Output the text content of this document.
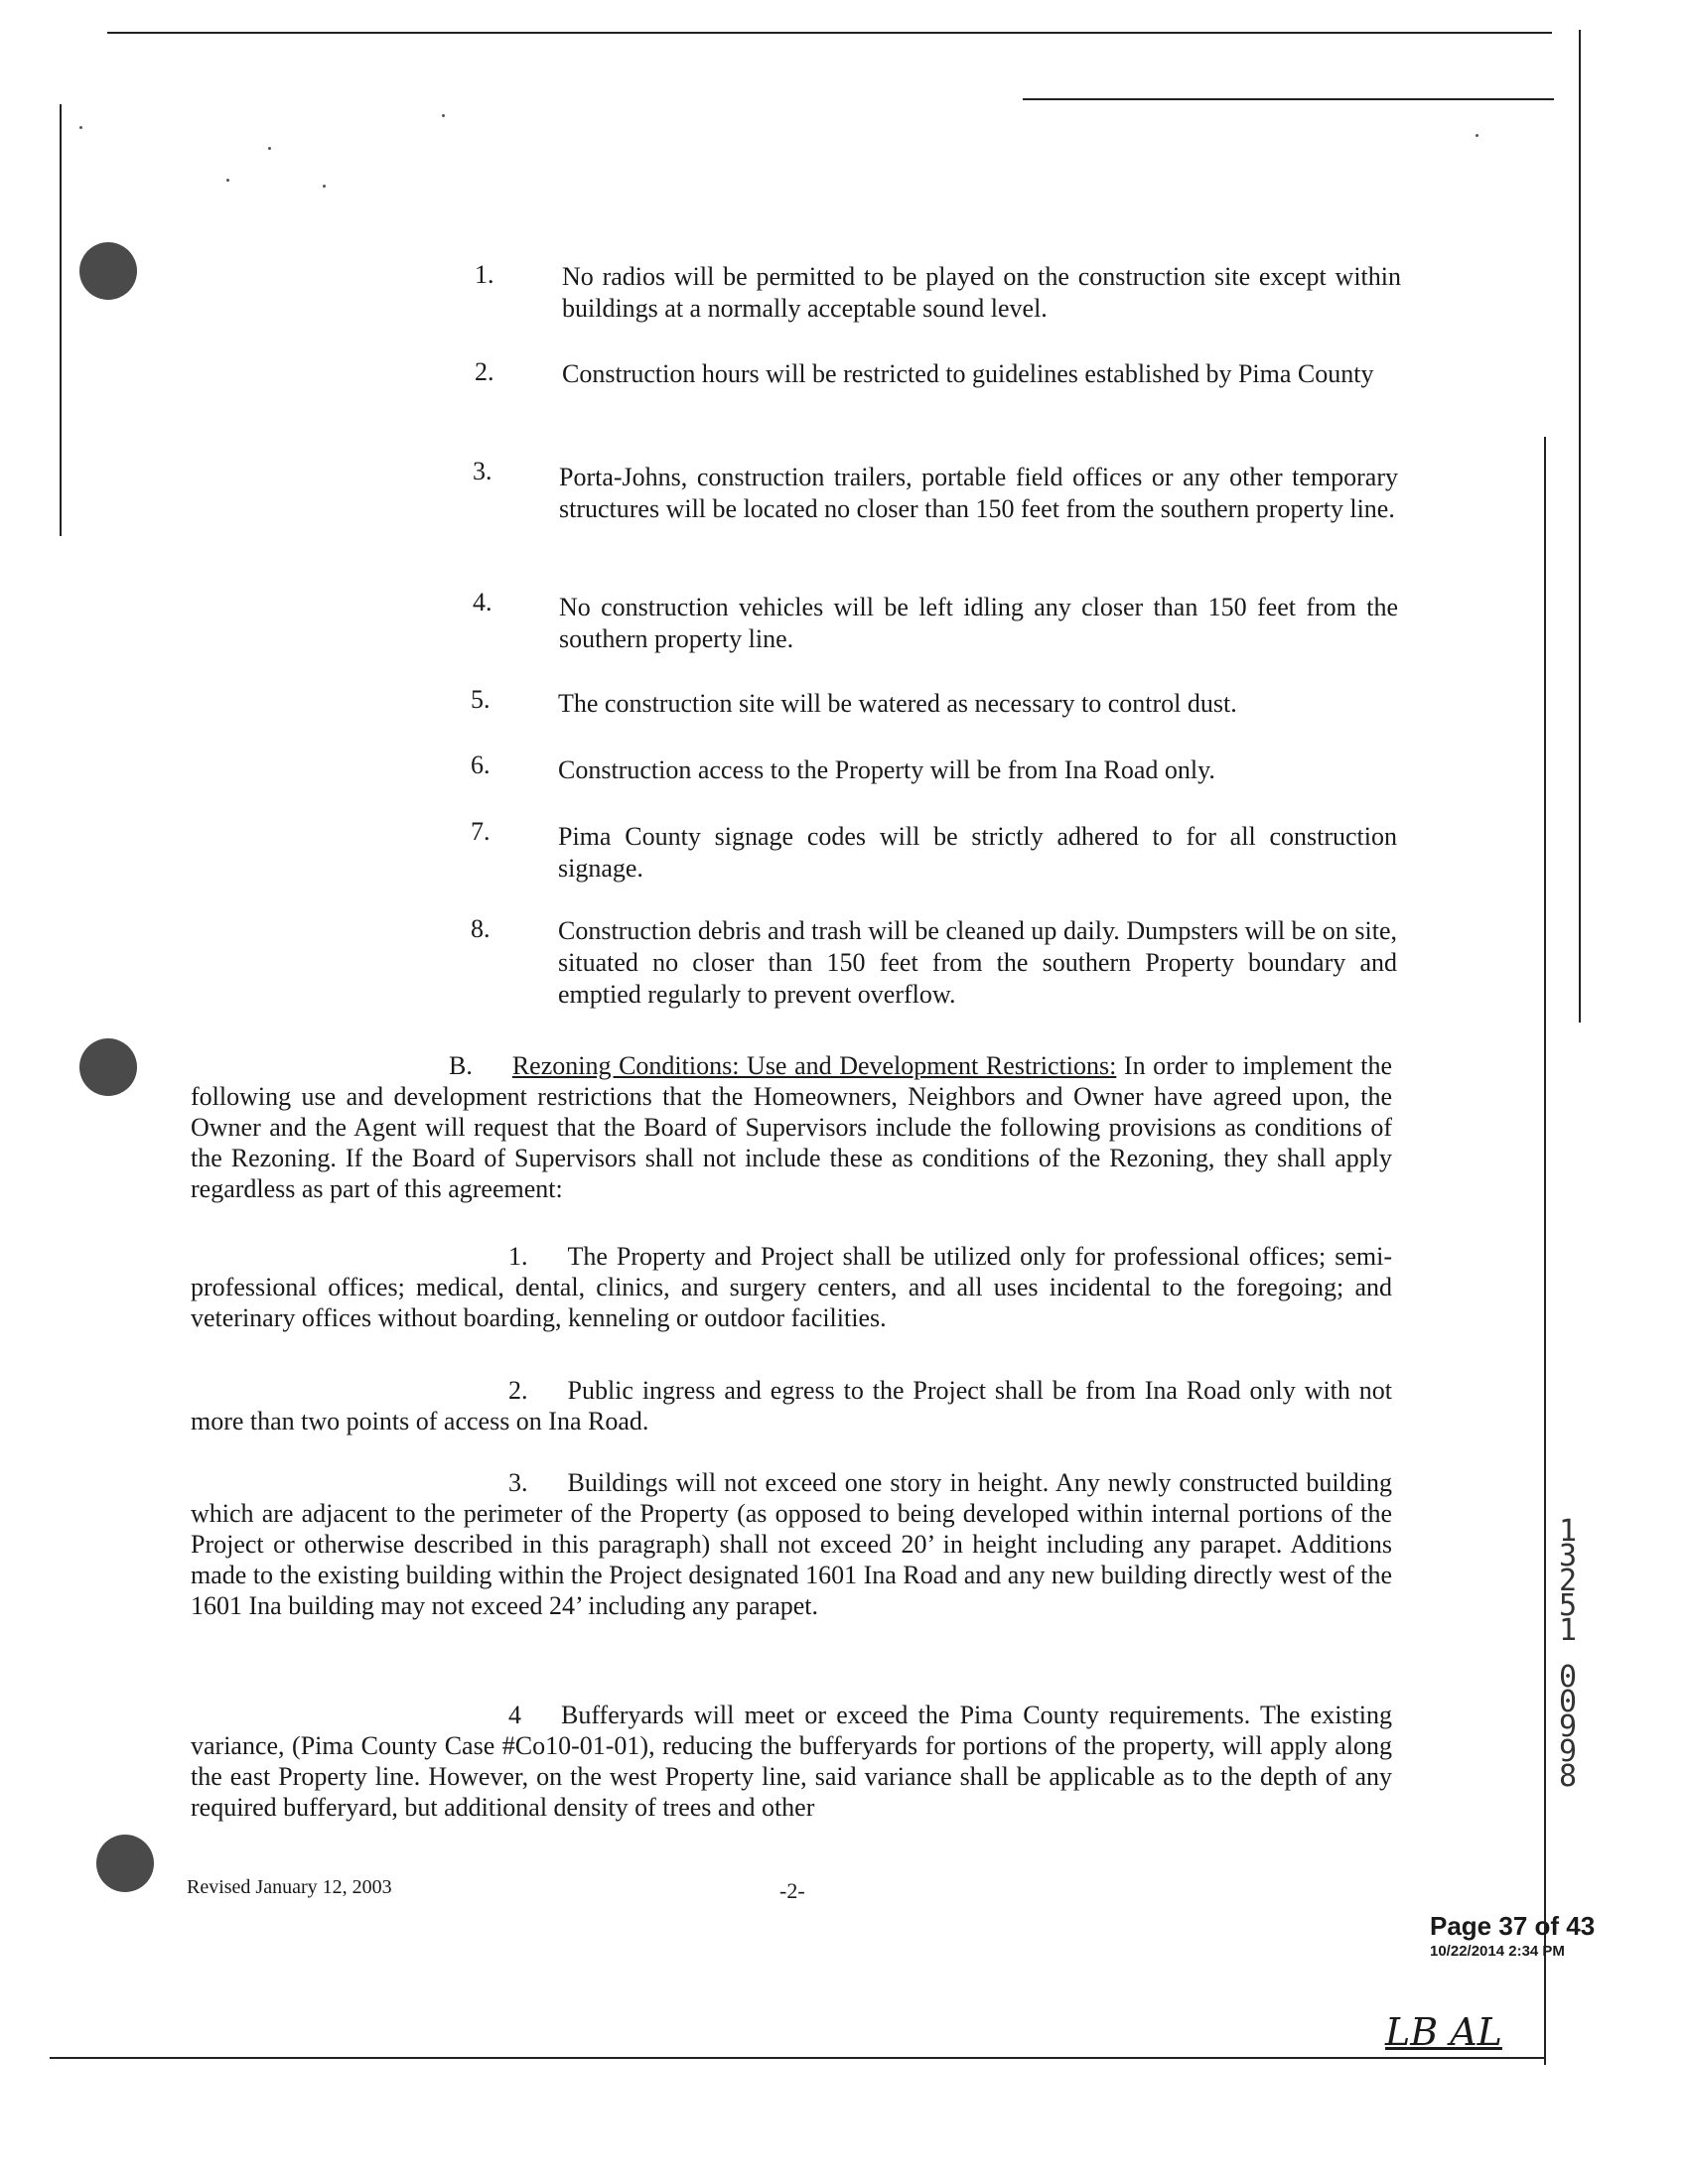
1.	No radios will be permitted to be played on the construction site except within buildings at a normally acceptable sound level.
2.	Construction hours will be restricted to guidelines established by Pima County
3.	Porta-Johns, construction trailers, portable field offices or any other temporary structures will be located no closer than 150 feet from the southern property line.
4.	No construction vehicles will be left idling any closer than 150 feet from the southern property line.
5.	The construction site will be watered as necessary to control dust.
6.	Construction access to the Property will be from Ina Road only.
7.	Pima County signage codes will be strictly adhered to for all construction signage.
8.	Construction debris and trash will be cleaned up daily. Dumpsters will be on site, situated no closer than 150 feet from the southern Property boundary and emptied regularly to prevent overflow.
B. Rezoning Conditions: Use and Development Restrictions: In order to implement the following use and development restrictions that the Homeowners, Neighbors and Owner have agreed upon, the Owner and the Agent will request that the Board of Supervisors include the following provisions as conditions of the Rezoning. If the Board of Supervisors shall not include these as conditions of the Rezoning, they shall apply regardless as part of this agreement:
1. The Property and Project shall be utilized only for professional offices; semi-professional offices; medical, dental, clinics, and surgery centers, and all uses incidental to the foregoing; and veterinary offices without boarding, kenneling or outdoor facilities.
2. Public ingress and egress to the Project shall be from Ina Road only with not more than two points of access on Ina Road.
3. Buildings will not exceed one story in height. Any newly constructed building which are adjacent to the perimeter of the Property (as opposed to being developed within internal portions of the Project or otherwise described in this paragraph) shall not exceed 20’ in height including any parapet. Additions made to the existing building within the Project designated 1601 Ina Road and any new building directly west of the 1601 Ina building may not exceed 24’ including any parapet.
4 Bufferyards will meet or exceed the Pima County requirements. The existing variance, (Pima County Case #Co10-01-01), reducing the bufferyards for portions of the property, will apply along the east Property line. However, on the west Property line, said variance shall be applicable as to the depth of any required bufferyard, but additional density of trees and other
Revised January 12, 2003	-2-
1
3
2
5
1
0
0
9
9
8
Page 37 of 43
10/22/2014 2:34 PM
LB AL
